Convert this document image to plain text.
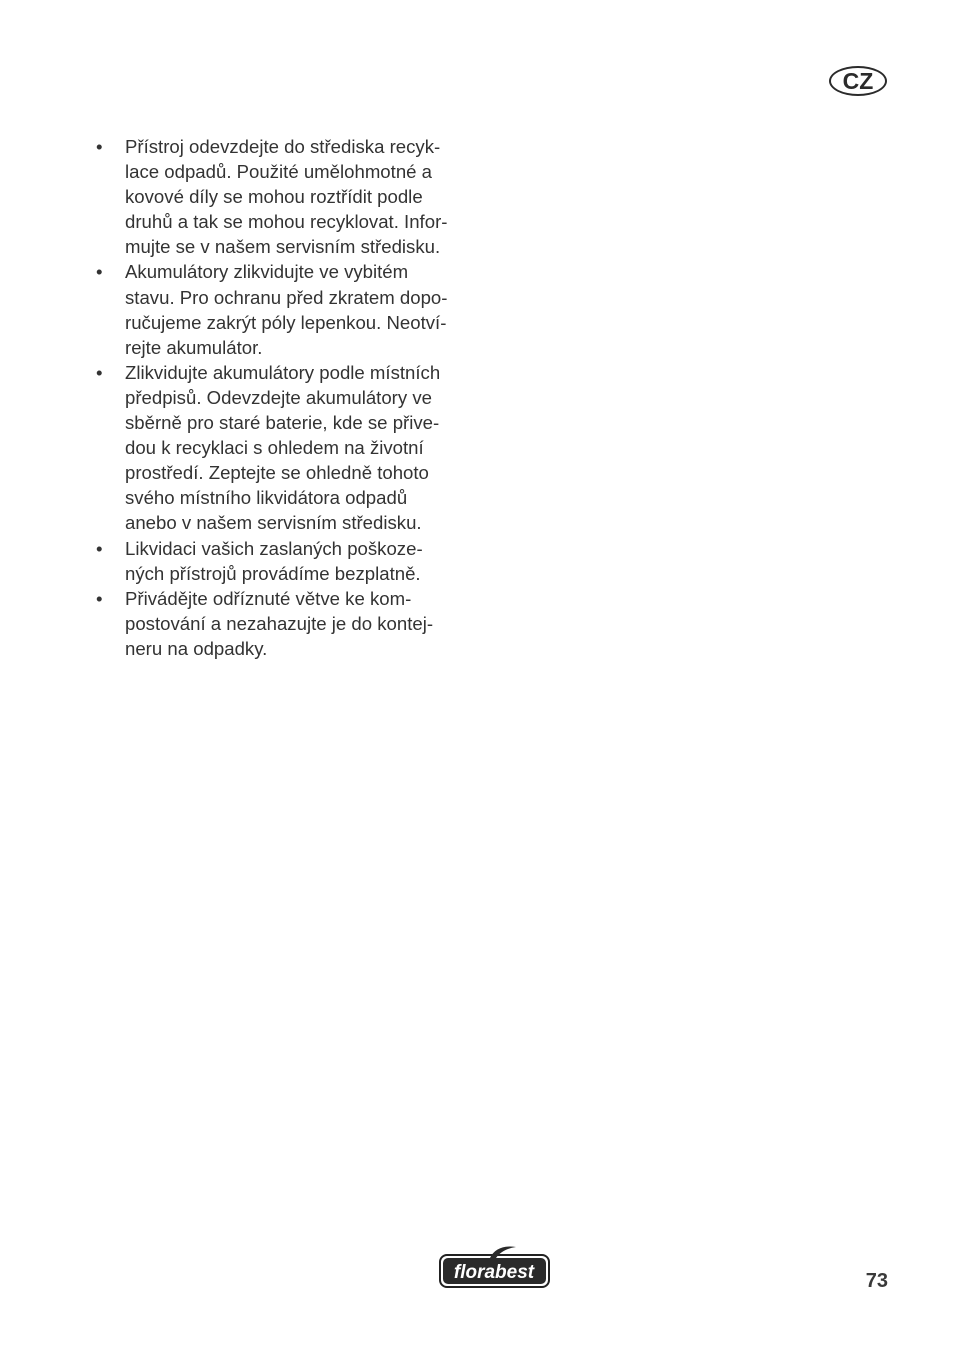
CZ
•	Přístroj odevzdejte do střediska recyk-
lace odpadů. Použité umělohmotné a
kovové díly se mohou roztřídit podle
druhů a tak se mohou recyklovat. Infor-
mujte se v našem servisním středisku.
•	Akumulátory zlikvidujte ve vybitém
stavu. Pro ochranu před zkratem dopo-
ručujeme zakrýt póly lepenkou. Neotví-
rejte akumulátor.
•	Zlikvidujte akumulátory podle místních
předpisů. Odevzdejte akumulátory ve
sběrně pro staré baterie, kde se přive-
dou k recyklaci s ohledem na životní
prostředí. Zeptejte se ohledně tohoto
svého místního likvidátora odpadů
anebo v našem servisním středisku.
•	Likvidaci vašich zaslaných poškoze-
ných přístrojů provádíme bezplatně.
•	Přivádějte odříznuté větve ke kom-
postování a nezahazujte je do kontej-
neru na odpadky.
florabest	73
